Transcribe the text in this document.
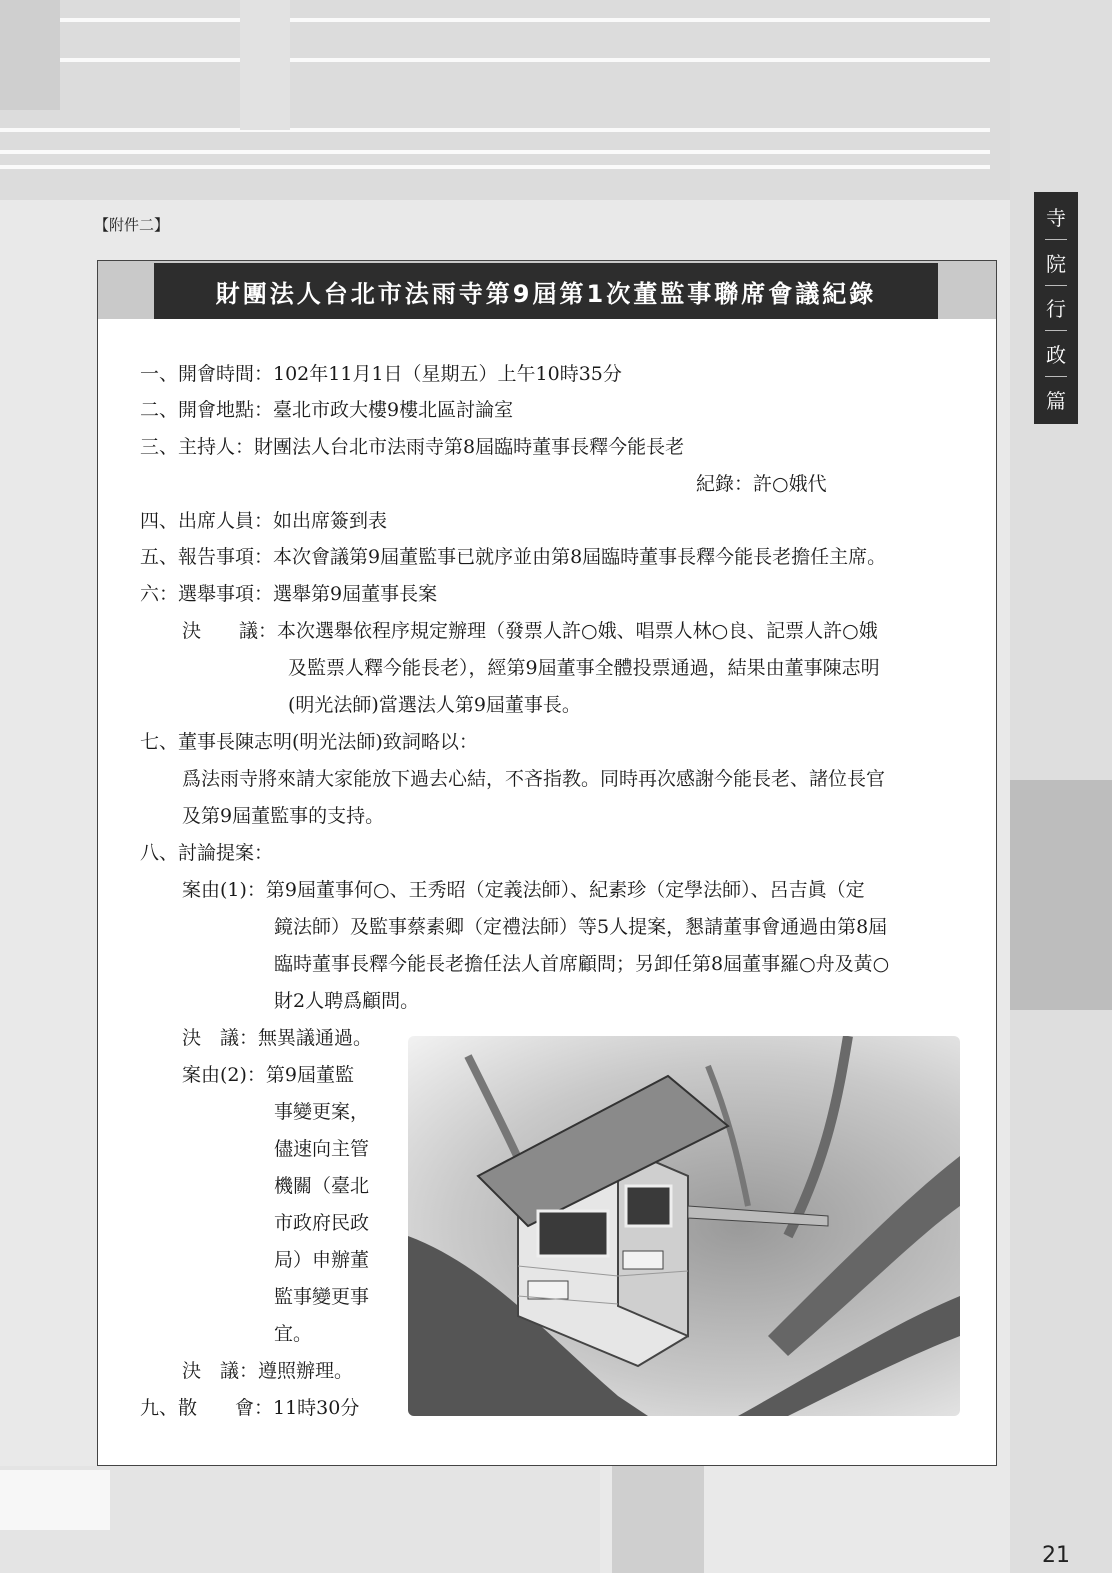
【附件二】	寺
院
行
政
篇
財團法人台北市法雨寺第9屆第1次董監事聯席會議紀錄
一、開會時間：102年11月1日（星期五）上午10時35分
二、開會地點：臺北市政大樓9樓北區討論室
三、主持人：財團法人台北市法雨寺第8屆臨時董事長釋今能長老
紀錄：許○娥代
四、出席人員：如出席簽到表
五、報告事項：本次會議第9屆董監事已就序並由第8屆臨時董事長釋今能長老擔任主席。
六：選舉事項：選舉第9屆董事長案
決　　議：本次選舉依程序規定辦理（發票人許○娥、唱票人林○良、記票人許○娥
及監票人釋今能長老），經第9屆董事全體投票通過，結果由董事陳志明
(明光法師)當選法人第9屆董事長。
七、董事長陳志明(明光法師)致詞略以：
爲法雨寺將來請大家能放下過去心結，不吝指教。同時再次感謝今能長老、諸位長官
及第9屆董監事的支持。
八、討論提案：
案由(1)：第9屆董事何○、王秀昭（定義法師）、紀素珍（定學法師）、呂吉眞（定
鏡法師）及監事蔡素卿（定禮法師）等5人提案，懇請董事會通過由第8屆
臨時董事長釋今能長老擔任法人首席顧問；另卸任第8屆董事羅○舟及黃○
財2人聘爲顧問。
決　議：無異議通過。
案由(2)：第9屆董監
事變更案，
儘速向主管
機關（臺北
市政府民政
局）申辦董
監事變更事
宜。
決　議：遵照辦理。
九、散　　會：11時30分
21
